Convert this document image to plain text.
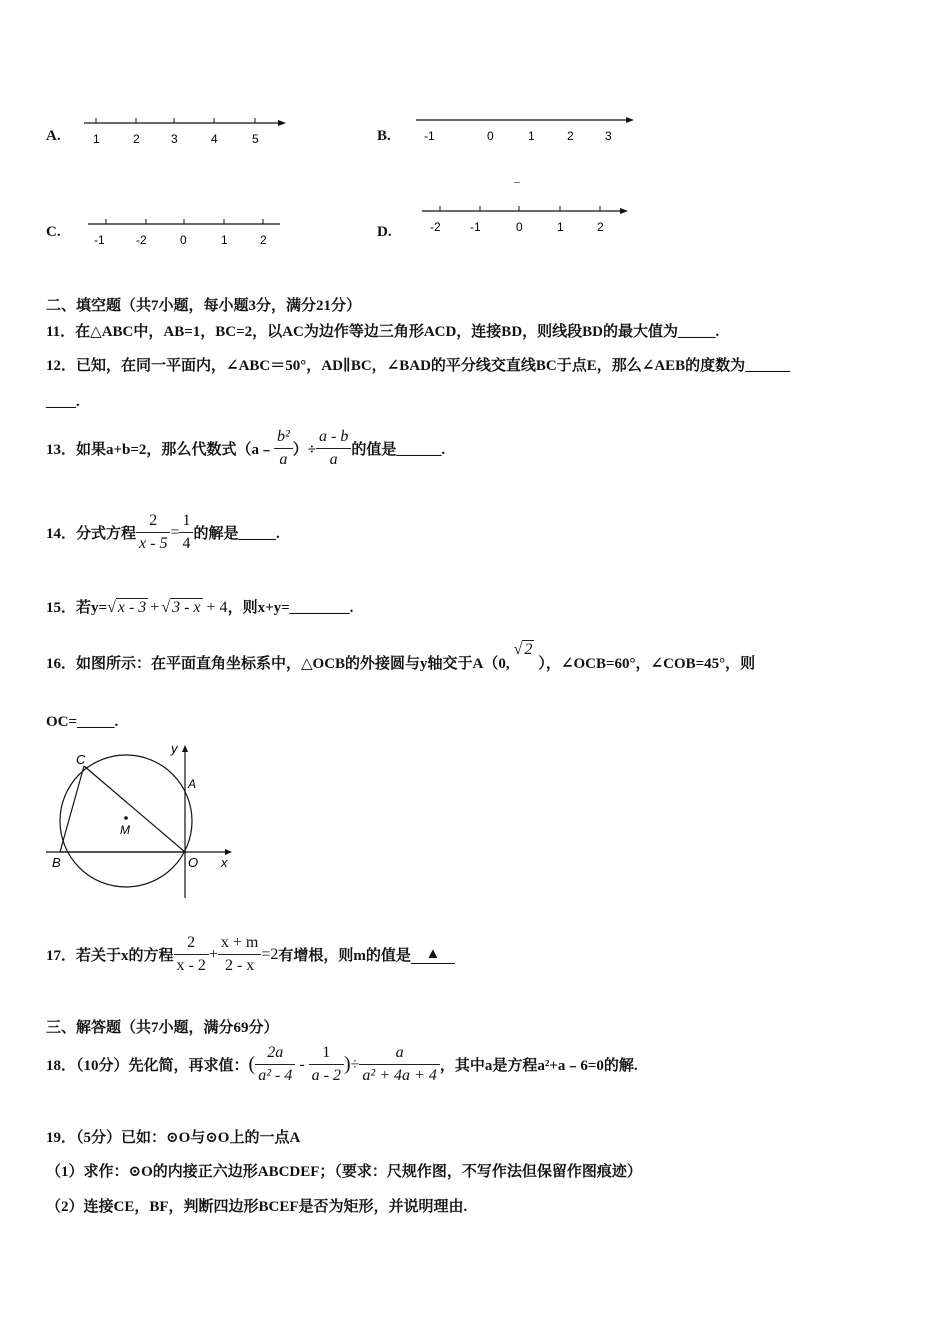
A.	1	2	3	4	5	B.	-1	0	1	2	3
_
C.	-1	-2	0	1	2	D.	-2 -1	0	1	2
二、填空题（共7小题，每小题3分，满分21分）
11．在△ABC中，AB=1，BC=2，以AC为边作等边三角形ACD，连接BD，则线段BD的最大值为_____.
12．已知，在同一平面内，∠ABC＝50°，AD∥BC，∠BAD的平分线交直线BC于点E，那么∠AEB的度数为______
____.
13．如果a+b=2，那么代数式（a﹣ $\frac{\text{b²}}{a}$ ）÷ $\frac{a - b}{a}$ 的值是______.
14．分式方程 $\frac{2}{x - 5} = \frac{1}{4}$ 的解是_____.
15．若y= √ x - 3 + √ 3 - x + 4 ，则x+y=________.
16．如图所示：在平面直角坐标系中，△OCB的外接圆与y轴交于A（0,
√ 2
），∠OCB=60°，∠COB=45°，则
OC=_____.
C
y
A
M
B	O x
17．若关于x的方程 $\frac{2}{x - 2} + \frac{x + m}{2 - x} =2$ 有增根，则m的值是 ▲
三、解答题（共7小题，满分69分）
18．（10分）先化简，再求值： ( $\frac{2a}{\text{a² - 4}} - \frac{1}{a - 2}$ ) ÷ $\frac{a}{\text{a² + 4a + 4}}$ ，其中a是方程a²+a﹣6=0的解.
19．（5分）已如：⊙O与⊙O上的一点A
（1）求作：⊙O的内接正六边形ABCDEF；（要求：尺规作图，不写作法但保留作图痕迹）
（2）连接CE，BF，判断四边形BCEF是否为矩形，并说明理由.
